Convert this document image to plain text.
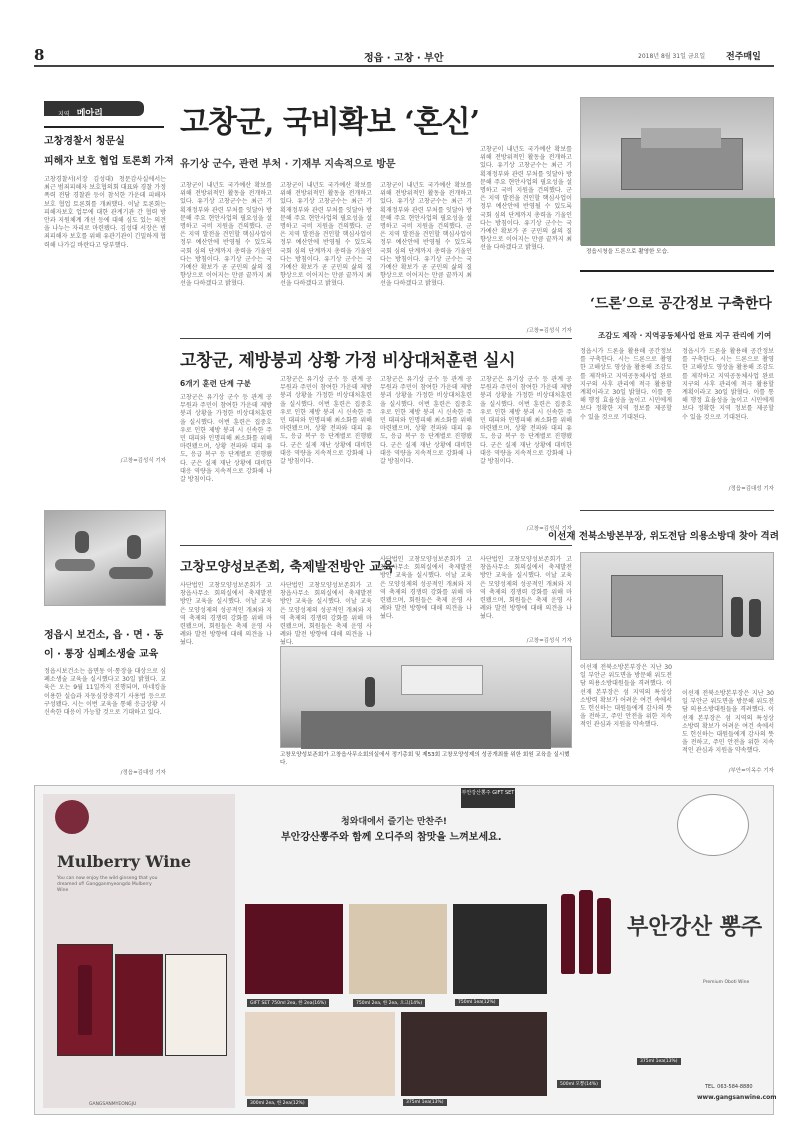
8	정읍 · 고창 · 부안	2018년 8월 31일 금요일 전주매일
지역 메아리
고창경찰서 청문실
피해자 보호 협업 토론회 가져
고창경찰서(서장 김성대) 청문감사실에서는 최근 범죄피해자 보호협의회 대표와 경찰 가정폭력 전담 경찰관 등이 참석한 가운데 피해자 보호 협업 토론회를 개최했다. 이날 토론회는 피해자보호 업무에 대한 관계기관 간 협력 방안과 지원체계 개선 등에 대해 심도 있는 의견을 나누는 자리로 마련됐다. 김성대 서장은 범죄피해자 보호를 위해 유관기관이 긴밀하게 협력해 나가길 바란다고 당부했다.
/고창=김성식 기자
정읍시 보건소, 읍 · 면 · 동
이 · 통장 심폐소생술 교육
정읍시보건소는 읍면동 이·통장을 대상으로 심폐소생술 교육을 실시했다고 30일 밝혔다. 교육은 오는 9월 11일까지 진행되며, 마네킹을 이용한 실습과 자동심장충격기 사용법 등으로 구성됐다. 시는 이번 교육을 통해 응급상황 시 신속한 대응이 가능할 것으로 기대하고 있다.
/정읍=김대성 기자
고창군, 국비확보 ‘혼신’
유기상 군수, 관련 부처 · 기재부 지속적으로 방문
고창군이 내년도 국가예산 확보를 위해 전방위적인 활동을 전개하고 있다. 유기상 고창군수는 최근 기획재정부와 관련 부처를 잇달아 방문해 주요 현안사업의 필요성을 설명하고 국비 지원을 건의했다. 군은 지역 발전을 견인할 핵심사업이 정부 예산안에 반영될 수 있도록 국회 심의 단계까지 총력을 기울인다는 방침이다. 유기상 군수는 국가예산 확보가 곧 군민의 삶의 질 향상으로 이어지는 만큼 끝까지 최선을 다하겠다고 밝혔다.
고창군이 내년도 국가예산 확보를 위해 전방위적인 활동을 전개하고 있다. 유기상 고창군수는 최근 기획재정부와 관련 부처를 잇달아 방문해 주요 현안사업의 필요성을 설명하고 국비 지원을 건의했다. 군은 지역 발전을 견인할 핵심사업이 정부 예산안에 반영될 수 있도록 국회 심의 단계까지 총력을 기울인다는 방침이다. 유기상 군수는 국가예산 확보가 곧 군민의 삶의 질 향상으로 이어지는 만큼 끝까지 최선을 다하겠다고 밝혔다.
고창군이 내년도 국가예산 확보를 위해 전방위적인 활동을 전개하고 있다. 유기상 고창군수는 최근 기획재정부와 관련 부처를 잇달아 방문해 주요 현안사업의 필요성을 설명하고 국비 지원을 건의했다. 군은 지역 발전을 견인할 핵심사업이 정부 예산안에 반영될 수 있도록 국회 심의 단계까지 총력을 기울인다는 방침이다. 유기상 군수는 국가예산 확보가 곧 군민의 삶의 질 향상으로 이어지는 만큼 끝까지 최선을 다하겠다고 밝혔다.
고창군이 내년도 국가예산 확보를 위해 전방위적인 활동을 전개하고 있다. 유기상 고창군수는 최근 기획재정부와 관련 부처를 잇달아 방문해 주요 현안사업의 필요성을 설명하고 국비 지원을 건의했다. 군은 지역 발전을 견인할 핵심사업이 정부 예산안에 반영될 수 있도록 국회 심의 단계까지 총력을 기울인다는 방침이다. 유기상 군수는 국가예산 확보가 곧 군민의 삶의 질 향상으로 이어지는 만큼 끝까지 최선을 다하겠다고 밝혔다.
/고창=김성식 기자
정읍시청을 드론으로 촬영한 모습.
‘드론’으로 공간정보 구축한다
조감도 제작 · 지역공동체사업 완료 지구 관리에 기여
정읍시가 드론을 활용해 공간정보를 구축한다. 시는 드론으로 촬영한 고해상도 영상을 활용해 조감도를 제작하고 지역공동체사업 완료 지구의 사후 관리에 적극 활용할 계획이라고 30일 밝혔다. 이를 통해 행정 효율성을 높이고 시민에게 보다 정확한 지역 정보를 제공할 수 있을 것으로 기대된다.
정읍시가 드론을 활용해 공간정보를 구축한다. 시는 드론으로 촬영한 고해상도 영상을 활용해 조감도를 제작하고 지역공동체사업 완료 지구의 사후 관리에 적극 활용할 계획이라고 30일 밝혔다. 이를 통해 행정 효율성을 높이고 시민에게 보다 정확한 지역 정보를 제공할 수 있을 것으로 기대된다.
/정읍=김대성 기자
고창군, 제방붕괴 상황 가정 비상대처훈련 실시
6개기 훈련 단계 구분
고창군은 유기상 군수 등 관계 공무원과 주민이 참여한 가운데 제방붕괴 상황을 가정한 비상대처훈련을 실시했다. 이번 훈련은 집중호우로 인한 제방 붕괴 시 신속한 주민 대피와 인명피해 최소화를 위해 마련됐으며, 상황 전파와 대피 유도, 응급 복구 등 단계별로 진행됐다. 군은 실제 재난 상황에 대비한 대응 역량을 지속적으로 강화해 나갈 방침이다.
고창군은 유기상 군수 등 관계 공무원과 주민이 참여한 가운데 제방붕괴 상황을 가정한 비상대처훈련을 실시했다. 이번 훈련은 집중호우로 인한 제방 붕괴 시 신속한 주민 대피와 인명피해 최소화를 위해 마련됐으며, 상황 전파와 대피 유도, 응급 복구 등 단계별로 진행됐다. 군은 실제 재난 상황에 대비한 대응 역량을 지속적으로 강화해 나갈 방침이다.
고창군은 유기상 군수 등 관계 공무원과 주민이 참여한 가운데 제방붕괴 상황을 가정한 비상대처훈련을 실시했다. 이번 훈련은 집중호우로 인한 제방 붕괴 시 신속한 주민 대피와 인명피해 최소화를 위해 마련됐으며, 상황 전파와 대피 유도, 응급 복구 등 단계별로 진행됐다. 군은 실제 재난 상황에 대비한 대응 역량을 지속적으로 강화해 나갈 방침이다.
고창군은 유기상 군수 등 관계 공무원과 주민이 참여한 가운데 제방붕괴 상황을 가정한 비상대처훈련을 실시했다. 이번 훈련은 집중호우로 인한 제방 붕괴 시 신속한 주민 대피와 인명피해 최소화를 위해 마련됐으며, 상황 전파와 대피 유도, 응급 복구 등 단계별로 진행됐다. 군은 실제 재난 상황에 대비한 대응 역량을 지속적으로 강화해 나갈 방침이다.
/고창=김성식 기자
고창모양성보존회, 축제발전방안 교육
사단법인 고창모양성보존회가 고창읍사무소 회의실에서 축제발전방안 교육을 실시했다. 이날 교육은 모양성제의 성공적인 개최와 지역 축제의 경쟁력 강화를 위해 마련됐으며, 회원들은 축제 운영 사례와 발전 방향에 대해 의견을 나눴다.
사단법인 고창모양성보존회가 고창읍사무소 회의실에서 축제발전방안 교육을 실시했다. 이날 교육은 모양성제의 성공적인 개최와 지역 축제의 경쟁력 강화를 위해 마련됐으며, 회원들은 축제 운영 사례와 발전 방향에 대해 의견을 나눴다.
사단법인 고창모양성보존회가 고창읍사무소 회의실에서 축제발전방안 교육을 실시했다. 이날 교육은 모양성제의 성공적인 개최와 지역 축제의 경쟁력 강화를 위해 마련됐으며, 회원들은 축제 운영 사례와 발전 방향에 대해 의견을 나눴다.
사단법인 고창모양성보존회가 고창읍사무소 회의실에서 축제발전방안 교육을 실시했다. 이날 교육은 모양성제의 성공적인 개최와 지역 축제의 경쟁력 강화를 위해 마련됐으며, 회원들은 축제 운영 사례와 발전 방향에 대해 의견을 나눴다.
/고창=김성식 기자
고창모양성보존회가 고창읍사무소회의실에서 정기총회 및 제53회 고창모양성제의 성공개최를 위한 회원 교육을 실시했다.
이선재 전북소방본부장, 위도전담 의용소방대 찾아 격려
이선재 전북소방본부장은 지난 30일 부안군 위도면을 방문해 위도전담 의용소방대원들을 격려했다. 이선재 본부장은 섬 지역의 특성상 소방력 확보가 어려운 여건 속에서도 헌신하는 대원들에게 감사의 뜻을 전하고, 주민 안전을 위한 지속적인 관심과 지원을 약속했다.
이선재 전북소방본부장은 지난 30일 부안군 위도면을 방문해 위도전담 의용소방대원들을 격려했다. 이선재 본부장은 섬 지역의 특성상 소방력 확보가 어려운 여건 속에서도 헌신하는 대원들에게 감사의 뜻을 전하고, 주민 안전을 위한 지속적인 관심과 지원을 약속했다.
/부안=이옥수 기자
Mulberry Wine
You can now enjoy the wild ginseng that you dreamed of! Gangganmyeongdo Mulberry Wine
부안강산뽕주 GIFT SET
청와대에서 즐기는 만찬주!
부안강산뽕주와 함께 오디주의 참맛을 느껴보세요.
GIFT SET 750ml 2ea, 한 2ea(16%)	750ml 2ea, 한 2ea, 오크(14%)	750ml 1ea(12%)
300ml 2ea, 한 2ea(12%)	375ml 1ea(13%)
부안강산 뽕주
Premium Oboti Wine
500ml 모뽕(14%)
375ml 1ea(13%)
TEL. 063-584-8880
www.gangsanwine.com
GANGSANMYEONGJU
